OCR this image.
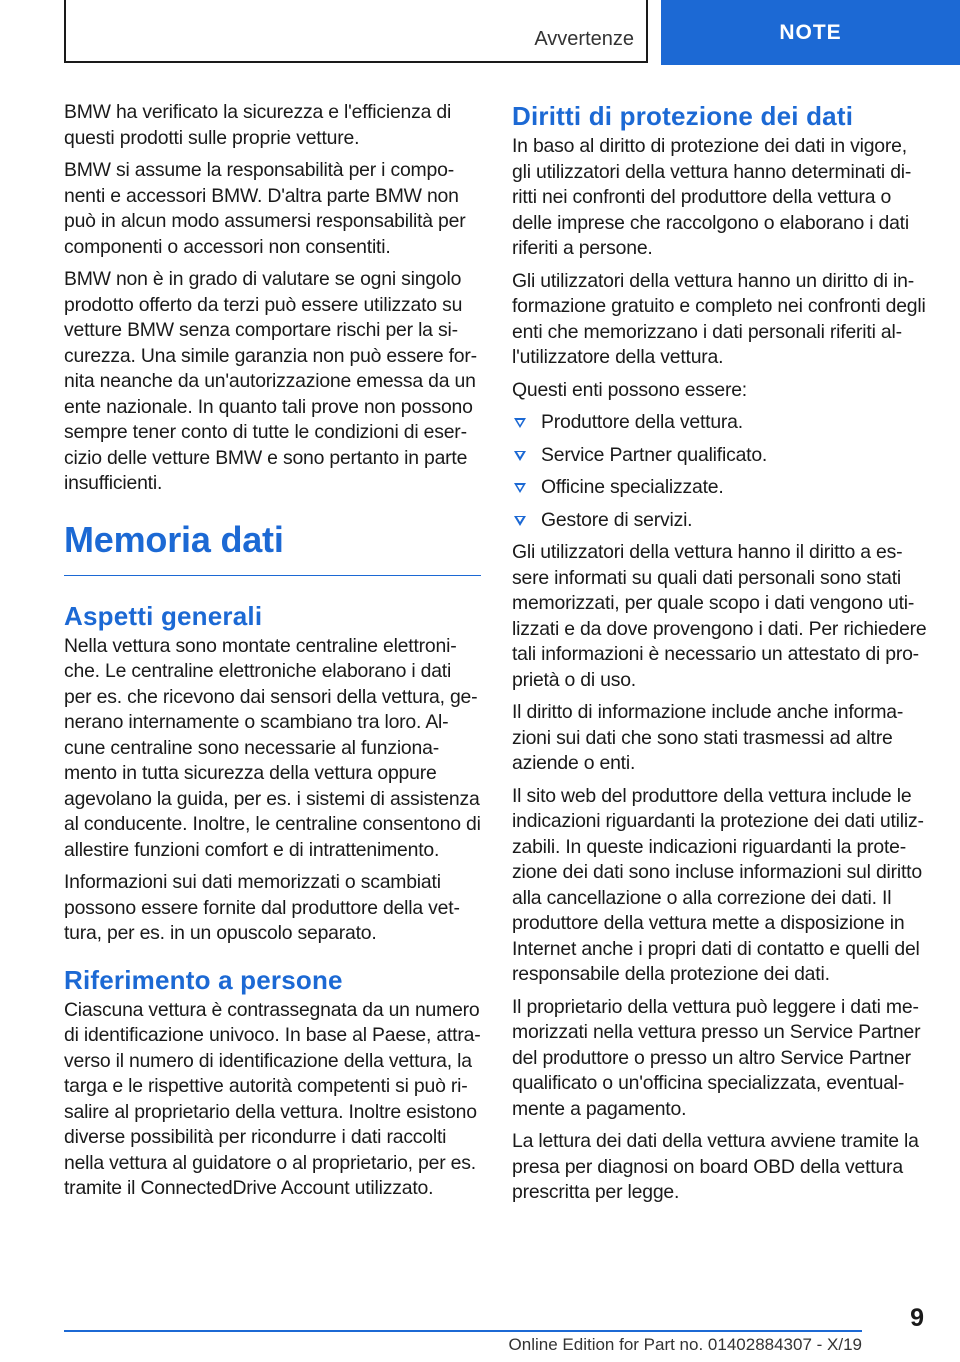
Avvertenze	NOTE

BMW ha verificato la sicurezza e l'efficienza di questi prodotti sulle proprie vetture.

BMW si assume la responsabilità per i componenti e accessori BMW. D'altra parte BMW non può in alcun modo assumersi responsabilità per componenti o accessori non consentiti.

BMW non è in grado di valutare se ogni singolo prodotto offerto da terzi può essere utilizzato su vetture BMW senza comportare rischi per la sicurezza. Una simile garanzia non può essere fornita neanche da un'autorizzazione emessa da un ente nazionale. In quanto tali prove non possono sempre tener conto di tutte le condizioni di esercizio delle vetture BMW e sono pertanto in parte insufficienti.

Memoria dati
Aspetti generali

Nella vettura sono montate centraline elettroniche. Le centraline elettroniche elaborano i dati per es. che ricevono dai sensori della vettura, generano internamente o scambiano tra loro. Alcune centraline sono necessarie al funzionamento in tutta sicurezza della vettura oppure agevolano la guida, per es. i sistemi di assistenza al conducente. Inoltre, le centraline consentono di allestire funzioni comfort e di intrattenimento.

Informazioni sui dati memorizzati o scambiati possono essere fornite dal produttore della vettura, per es. in un opuscolo separato.

Riferimento a persone

Ciascuna vettura è contrassegnata da un numero di identificazione univoco. In base al Paese, attraverso il numero di identificazione della vettura, la targa e le rispettive autorità competenti si può risalire al proprietario della vettura. Inoltre esistono diverse possibilità per ricondurre i dati raccolti nella vettura al guidatore o al proprietario, per es. tramite il ConnectedDrive Account utilizzato.

Diritti di protezione dei dati

In baso al diritto di protezione dei dati in vigore, gli utilizzatori della vettura hanno determinati diritti nei confronti del produttore della vettura o delle imprese che raccolgono o elaborano i dati riferiti a persone.

Gli utilizzatori della vettura hanno un diritto di informazione gratuito e completo nei confronti degli enti che memorizzano i dati personali riferiti all'utilizzatore della vettura.

Questi enti possono essere:

Produttore della vettura.
Service Partner qualificato.
Officine specializzate.
Gestore di servizi.

Gli utilizzatori della vettura hanno il diritto a essere informati su quali dati personali sono stati memorizzati, per quale scopo i dati vengono utilizzati e da dove provengono i dati. Per richiedere tali informazioni è necessario un attestato di proprietà o di uso.

Il diritto di informazione include anche informazioni sui dati che sono stati trasmessi ad altre aziende o enti.

Il sito web del produttore della vettura include le indicazioni riguardanti la protezione dei dati utilizzabili. In queste indicazioni riguardanti la protezione dei dati sono incluse informazioni sul diritto alla cancellazione o alla correzione dei dati. Il produttore della vettura mette a disposizione in Internet anche i propri dati di contatto e quelli del responsabile della protezione dei dati.

Il proprietario della vettura può leggere i dati memorizzati nella vettura presso un Service Partner del produttore o presso un altro Service Partner qualificato o un'officina specializzata, eventualmente a pagamento.

La lettura dei dati della vettura avviene tramite la presa per diagnosi on board OBD della vettura prescritta per legge.

9
Online Edition for Part no. 01402884307 - X/19
